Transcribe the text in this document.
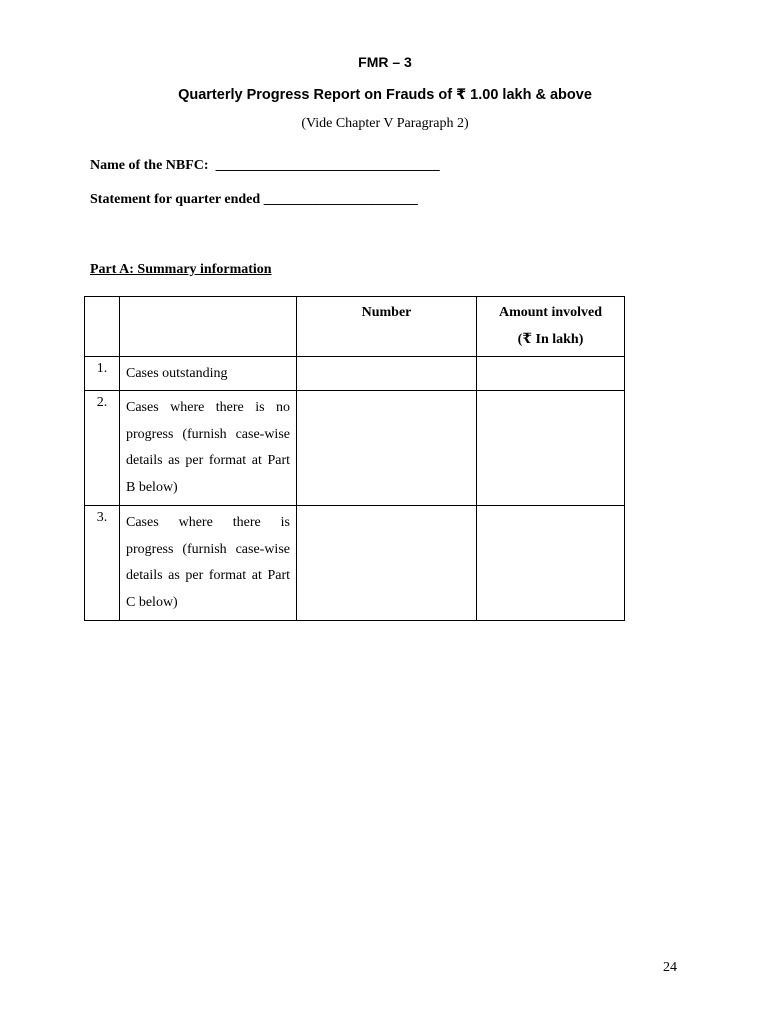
FMR – 3
Quarterly Progress Report on Frauds of ₹ 1.00 lakh & above
(Vide Chapter V Paragraph 2)
Name of the NBFC: ________________________________
Statement for quarter ended ______________________
Part A: Summary information

		Number	Amount involved
(₹ In lakh)

1.	Cases outstanding		
2.	Cases where there is no progress (furnish case-wise details as per format at Part B below)		
3.	Cases where there is progress (furnish case-wise details as per format at Part C below)		
24
